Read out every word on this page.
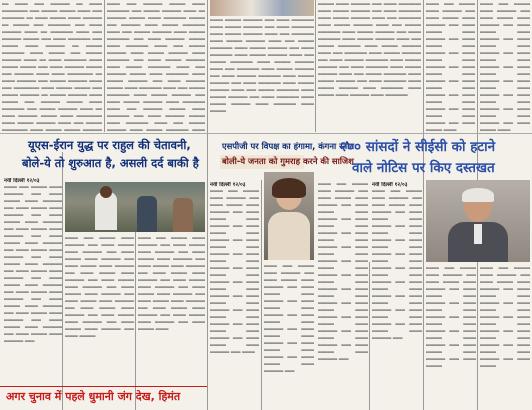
━━ ━━━━ ━━━ ━━━━━━ ━━ ━━━━ ━━━━━━━━ ━━━ ━━━━━ ━━━━━ ━━━━ ━━━ ━━━━━━━ ━━ ━━━━ ━━━━━ ━━━━ ━━━━━━ ━━ ━━━━━ ━━━ ━━━━━━━ ━━━ ━━━━ ━━━━━━ ━━━━ ━━ ━━━━━━━ ━━━━ ━━━ ━━━━━━ ━━━━━ ━━━ ━━━━ ━━━━━━━ ━━━ ━━━━━ ━━━━ ━━━━━━ ━━ ━━━━━ ━━━━━━━ ━━━━ ━━━━━ ━━━ ━━━━━ ━━━━━━ ━━━━ ━━ ━━━━ ━━━━━━━ ━━━━ ━━━━━ ━━━━━ ━━━ ━━━━ ━━━━━━ ━━━━━ ━━━ ━━━━━━ ━━━━ ━━━━ ━━━━━━━━ ━━ ━━━━ ━━━━━━ ━━━ ━━━━━ ━━━━━━ ━━━━ ━━━ ━━━━━━━━ ━━━━ ━━━━━ ━━━━━ ━━━ ━━━━━ ━━━━━━ ━━ ━━━━━ ━━━━━━ ━━━━ ━━━━━ ━━━ ━━━━━━ ━━━━━ ━━━━ ━━━━━━━ ━━━ ━━━━━ ━━━━━━ ━━━━ ━━ ━━━━ ━━━━━━ ━━━━━ ━━━━ ━━━━━━━━ ━━━━ ━━━━━ ━━━━━━ ━━━━ ━━━ ━━━━━ ━━━━━━━━ ━━━━ ━━━━━ ━━━━━ ━━━━━━

━━━━ ━━━ ━━━━━━ ━━━━━ ━━━━ ━━━━━━━ ━━━ ━━━━━ ━━━━━━ ━━━━ ━━ ━━━━━━ ━━━━━ ━━━━ ━━━━━━━ ━━━━━ ━━━ ━━━━━━ ━━━━ ━━━━━ ━━━━━━━ ━━━━ ━━━ ━━━━━ ━━━━━━ ━━━━ ━━━━━ ━━━━━━━ ━━━ ━━━━ ━━━━━━ ━━━━━ ━━━━ ━━━━━━━ ━━━━ ━━━ ━━━━━ ━━━━━━ ━━━━ ━━━━━ ━━━━━━ ━━━━ ━━━━━━━ ━━━ ━━━━ ━━━━━ ━━━━━━ ━━━━ ━━━━━ ━━━━━━━ ━━━━ ━━━ ━━━━━━ ━━━━━ ━━━━ ━━━━━━━ ━━━━ ━━━━━ ━━━━━━ ━━━ ━━━━ ━━━━━━ ━━━━━ ━━━━ ━━━━━━━ ━━━━ ━━━ ━━━━━ ━━━━━━━ ━━━━ ━━━━━ ━━━━━━ ━━━ ━━━━ ━━━━━ ━━━━━━ ━━━━ ━━━━━━━ ━━━━ ━━━ ━━━━━━ ━━━━━ ━━━━ ━━━━━━━ ━━━ ━━━━ ━━━━━━ ━━━━━ ━━━━ ━━━━━━━ ━━━━ ━━━ ━━━━━ ━━━━━━ ━━━━ ━━━━━ ━━━━━━━ ━━━━

━━━━ ━━━━━ ━━━━━━ ━━━ ━━━━ ━━━━━━━ ━━━━ ━━━━━ ━━━━━━ ━━━ ━━━━ ━━━━━━━ ━━━━ ━━━━━ ━━━━━━ ━━━━ ━━━ ━━━━━━━ ━━━━ ━━━━━ ━━━━━━ ━━━━ ━━━ ━━━━━ ━━━━━━━ ━━━━ ━━━━━ ━━━━━━ ━━━ ━━━━ ━━━━━━━ ━━━━ ━━━━━ ━━━━━━ ━━━━ ━━━ ━━━━━ ━━━━━━━ ━━━━ ━━━━━ ━━━━━━ ━━━━ ━━━ ━━━━━━━ ━━━━ ━━━━━ ━━━━━━ ━━━ ━━━━ ━━━━━━ ━━━━━━━ ━━━━ ━━━━━ ━━━━━━ ━━━ ━━━━ ━━━━━━━ ━━━━ ━━━━━ ━━━━━━ ━━━━ ━━━ ━━━━━ ━━━━━━━ ━━━━ ━━━━━ ━━━━━━ ━━━ ━━━━ ━━━━━━━ ━━━━ ━━━━━ ━━━━━━ ━━━━ ━━━━━━━ ━━━━ ━━━━━

━━━━━ ━━━━ ━━━━━━ ━━━ ━━━━ ━━━━━━━ ━━━━ ━━━━━ ━━━━━━ ━━━ ━━━━ ━━━━━━━ ━━━━ ━━━━━ ━━━━━━ ━━━━ ━━━ ━━━━━━━ ━━━━ ━━━━━ ━━━━━━ ━━━━ ━━━ ━━━━━ ━━━━━━━ ━━━━ ━━━━━ ━━━━━━ ━━━ ━━━━ ━━━━━━━ ━━━━ ━━━━━ ━━━━━━ ━━━━ ━━━ ━━━━━ ━━━━━━━ ━━━━ ━━━━━ ━━━━━━ ━━━━ ━━━ ━━━━━━━ ━━━━ ━━━━━ ━━━━━━ ━━━ ━━━━ ━━━━━━ ━━━━━━━ ━━━━ ━━━━━ ━━━━━━ ━━━ ━━━━ ━━━━━━━ ━━━━ ━━━━━ ━━━━━━ ━━━━ ━━━ ━━━━━ ━━━━━━━ ━━━━ ━━━━━ ━━━━━━ ━━━ ━━━━ ━━━━━━━ ━━━━ ━━━━━ ━━━━━━ ━━━━ ━━━━━━━ ━━━━ ━━━━━ ━━━━ ━━━━━━ ━━━━ ━━━━━━━

━━━━ ━━━ ━━━━━ ━━━━ ━━━━━━ ━━━ ━━━━ ━━━━━ ━━━━ ━━━━━━ ━━━ ━━━━ ━━━━━ ━━━━ ━━━━━━ ━━━ ━━━━ ━━━━━ ━━━━ ━━━━━━ ━━━ ━━━━ ━━━━━ ━━━━ ━━━━━━ ━━━ ━━━━ ━━━━━ ━━━━ ━━━━━━ ━━━ ━━━━ ━━━━━ ━━━━ ━━━━━━ ━━━ ━━━━ ━━━━━ ━━━━ ━━━━━━ ━━━ ━━━━ ━━━━━ ━━━━ ━━━━━━ ━━━ ━━━━ ━━━━━ ━━━━

━━━━ ━━━ ━━━━━ ━━━━ ━━━━━━ ━━━ ━━━━ ━━━━━ ━━━━ ━━━━━━ ━━━ ━━━━ ━━━━━ ━━━━ ━━━━━━ ━━━ ━━━━ ━━━━━ ━━━━ ━━━━━━ ━━━ ━━━━ ━━━━━ ━━━━ ━━━━━━ ━━━ ━━━━ ━━━━━ ━━━━ ━━━━━━ ━━━ ━━━━ ━━━━━ ━━━━ ━━━━━━ ━━━ ━━━━ ━━━━━ ━━━━ ━━━━━━ ━━━ ━━━━ ━━━━━ ━━━━ ━━━━━━ ━━━ ━━━━ ━━━━━ ━━━━

यूएस-ईरान युद्ध पर राहुल की चेतावनी,
बोले-ये तो शुरुआत है, असली दर्द बाकी है
एसपीजी पर विपक्ष का हंगामा, कंगना रनौत
बोली-ये जनता को गुमराह करने की साजिश
२०० सांसदों ने सीईसी को हटाने
वाले नोटिस पर किए दस्तखत
नयी दिल्ली १२/०३

━━━━ ━━━ ━━━━━ ━━━━ ━━━━━━ ━━━ ━━━━ ━━━━━ ━━━━ ━━━━━━ ━━━ ━━━━ ━━━━━ ━━━━ ━━━━━━ ━━━ ━━━━ ━━━━━ ━━━━ ━━━━━━ ━━━ ━━━━ ━━━━━ ━━━━ ━━━━━━ ━━━ ━━━━ ━━━━━ ━━━━ ━━━━━━ ━━━ ━━━━ ━━━━━ ━━━━ ━━━━━━ ━━━ ━━━━ ━━━━━ ━━━━ ━━━━━━ ━━━ ━━━━ ━━━━━ ━━━━ ━━━━━━ ━━━ ━━━━ ━━━━━ ━━━━ ━━━━━━ ━━━ ━━━━ ━━━━━ ━━━━ ━━━━━━ ━━━ ━━━━ ━━━━━ ━━━━ ━━━━━━ ━━━ ━━━━ ━━━━━ ━━━━ ━━━━━━ ━━━ ━━━━ ━━━━━ ━━━━ ━━━━━━ ━━━ ━━━━ ━━━━━ ━━━━ ━━━━━━ ━━━

━━━━ ━━━ ━━━━━ ━━━━ ━━━━━━ ━━━ ━━━━ ━━━━━ ━━━━ ━━━━━━ ━━━ ━━━━ ━━━━━ ━━━━ ━━━━━━ ━━━ ━━━━ ━━━━━ ━━━━ ━━━━━━ ━━━ ━━━━ ━━━━━ ━━━━ ━━━━━━ ━━━ ━━━━ ━━━━━ ━━━━ ━━━━━━ ━━━ ━━━━ ━━━━━ ━━━━ ━━━━━━ ━━━ ━━━━ ━━━━━ ━━━━ ━━━━━━ ━━━ ━━━━ ━━━━━ ━━━━ ━━━━━━ ━━━ ━━━━ ━━━━━ ━━━━ ━━━━━━ ━━━ ━━━━ ━━━━━ ━━━━ ━━━━━━ ━━━ ━━━━ ━━━━━

━━━━ ━━━ ━━━━━ ━━━━ ━━━━━━ ━━━ ━━━━ ━━━━━ ━━━━ ━━━━━━ ━━━ ━━━━ ━━━━━ ━━━━ ━━━━━━ ━━━ ━━━━ ━━━━━ ━━━━ ━━━━━━ ━━━ ━━━━ ━━━━━ ━━━━ ━━━━━━ ━━━ ━━━━ ━━━━━ ━━━━ ━━━━━━ ━━━ ━━━━ ━━━━━ ━━━━ ━━━━━━ ━━━ ━━━━ ━━━━━ ━━━━ ━━━━━━ ━━━ ━━━━ ━━━━━ ━━━━ ━━━━━━ ━━━ ━━━━ ━━━━━ ━━━━ ━━━━━━ ━━━ ━━━━ ━━━━━ ━━━━

नयी दिल्ली १२/०३

━━━━ ━━━ ━━━━━ ━━━━ ━━━━━━ ━━━ ━━━━ ━━━━━ ━━━━ ━━━━━━ ━━━ ━━━━ ━━━━━ ━━━━ ━━━━━━ ━━━ ━━━━ ━━━━━ ━━━━ ━━━━━━ ━━━ ━━━━ ━━━━━ ━━━━ ━━━━━━ ━━━ ━━━━ ━━━━━ ━━━━ ━━━━━━ ━━━ ━━━━ ━━━━━ ━━━━ ━━━━━━ ━━━ ━━━━ ━━━━━ ━━━━ ━━━━━━ ━━━ ━━━━ ━━━━━ ━━━━ ━━━━━━ ━━━ ━━━━ ━━━━━ ━━━━ ━━━━━━ ━━━ ━━━━ ━━━━━ ━━━━ ━━━━━━ ━━━ ━━━━ ━━━━━ ━━━━ ━━━━━━ ━━━ ━━━━

━━━━ ━━━ ━━━━━ ━━━━ ━━━━━━ ━━━ ━━━━ ━━━━━ ━━━━ ━━━━━━ ━━━ ━━━━ ━━━━━ ━━━━ ━━━━━━ ━━━ ━━━━ ━━━━━ ━━━━ ━━━━━━ ━━━ ━━━━ ━━━━━ ━━━━ ━━━━━━ ━━━ ━━━━ ━━━━━ ━━━━ ━━━━━━ ━━━ ━━━━ ━━━━━ ━━━━ ━━━━━━ ━━━ ━━━━ ━━━━━ ━━━━ ━━━━━━ ━━━

━━━━ ━━━ ━━━━━ ━━━━ ━━━━━━ ━━━ ━━━━ ━━━━━ ━━━━ ━━━━━━ ━━━ ━━━━ ━━━━━ ━━━━ ━━━━━━ ━━━ ━━━━ ━━━━━ ━━━━ ━━━━━━ ━━━ ━━━━ ━━━━━ ━━━━ ━━━━━━ ━━━ ━━━━ ━━━━━ ━━━━ ━━━━━━ ━━━ ━━━━ ━━━━━ ━━━━ ━━━━━━ ━━━ ━━━━ ━━━━━ ━━━━ ━━━━━━ ━━━ ━━━━ ━━━━━ ━━━━ ━━━━━━ ━━━ ━━━━ ━━━━━ ━━━━ ━━━━━━ ━━━ ━━━━ ━━━━━ ━━━━ ━━━━━━ ━━━ ━━━━ ━━━━━ ━━━━ ━━━━━━ ━━━ ━━━━ ━━━━━ ━━━━ ━━━━━━ ━━━

नयी दिल्ली १२/०३

━━━━ ━━━ ━━━━━ ━━━━ ━━━━━━ ━━━ ━━━━ ━━━━━ ━━━━ ━━━━━━ ━━━ ━━━━ ━━━━━ ━━━━ ━━━━━━ ━━━ ━━━━ ━━━━━ ━━━━ ━━━━━━ ━━━ ━━━━ ━━━━━ ━━━━ ━━━━━━ ━━━ ━━━━ ━━━━━ ━━━━ ━━━━━━ ━━━ ━━━━ ━━━━━ ━━━━ ━━━━━━ ━━━ ━━━━ ━━━━━ ━━━━ ━━━━━━ ━━━ ━━━━ ━━━━━ ━━━━ ━━━━━━ ━━━ ━━━━ ━━━━━ ━━━━ ━━━━━━ ━━━ ━━━━ ━━━━━ ━━━━ ━━━━━━ ━━━

━━━━ ━━━ ━━━━━ ━━━━ ━━━━━━ ━━━ ━━━━ ━━━━━ ━━━━ ━━━━━━ ━━━ ━━━━ ━━━━━ ━━━━ ━━━━━━ ━━━ ━━━━ ━━━━━ ━━━━ ━━━━━━ ━━━ ━━━━ ━━━━━ ━━━━ ━━━━━━ ━━━ ━━━━ ━━━━━ ━━━━ ━━━━━━ ━━━ ━━━━ ━━━━━ ━━━━ ━━━━━━ ━━━ ━━━━ ━━━━━

━━━━ ━━━ ━━━━━ ━━━━ ━━━━━━ ━━━ ━━━━ ━━━━━ ━━━━ ━━━━━━ ━━━ ━━━━ ━━━━━ ━━━━ ━━━━━━ ━━━ ━━━━ ━━━━━ ━━━━ ━━━━━━ ━━━ ━━━━ ━━━━━ ━━━━ ━━━━━━ ━━━ ━━━━ ━━━━━ ━━━━ ━━━━━━ ━━━ ━━━━ ━━━━━ ━━━━ ━━━━━━ ━━━ ━━━━ ━━━━━

अगर चुनाव में पहले धुमानी जंग देख, हिमंत
